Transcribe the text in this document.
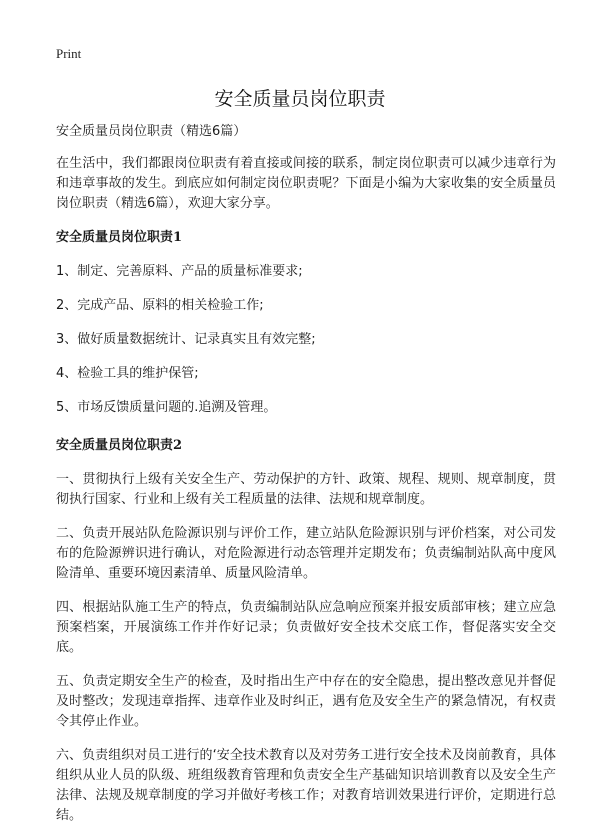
Print
安全质量员岗位职责

安全质量员岗位职责（精选6篇）

在生活中，我们都跟岗位职责有着直接或间接的联系，制定岗位职责可以减少违章行为和违章事故的发生。到底应如何制定岗位职责呢？下面是小编为大家收集的安全质量员岗位职责（精选6篇），欢迎大家分享。

安全质量员岗位职责1

1、制定、完善原料、产品的质量标准要求;

2、完成产品、原料的相关检验工作;

3、做好质量数据统计、记录真实且有效完整;

4、检验工具的维护保管;

5、市场反馈质量问题的.追溯及管理。

安全质量员岗位职责2

一、贯彻执行上级有关安全生产、劳动保护的方针、政策、规程、规则、规章制度，贯彻执行国家、行业和上级有关工程质量的法律、法规和规章制度。

二、负责开展站队危险源识别与评价工作，建立站队危险源识别与评价档案，对公司发布的危险源辨识进行确认，对危险源进行动态管理并定期发布；负责编制站队高中度风险清单、重要环境因素清单、质量风险清单。

四、根据站队施工生产的特点，负责编制站队应急响应预案并报安质部审核；建立应急预案档案，开展演练工作并作好记录；负责做好安全技术交底工作，督促落实安全交底。

五、负责定期安全生产的检查，及时指出生产中存在的安全隐患，提出整改意见并督促及时整改；发现违章指挥、违章作业及时纠正，遇有危及安全生产的紧急情况，有权责令其停止作业。

六、负责组织对员工进行的‘安全技术教育以及对劳务工进行安全技术及岗前教育，具体组织从业人员的队级、班组级教育管理和负责安全生产基础知识培训教育以及安全生产法律、法规及规章制度的学习并做好考核工作；对教育培训效果进行评价，定期进行总结。
